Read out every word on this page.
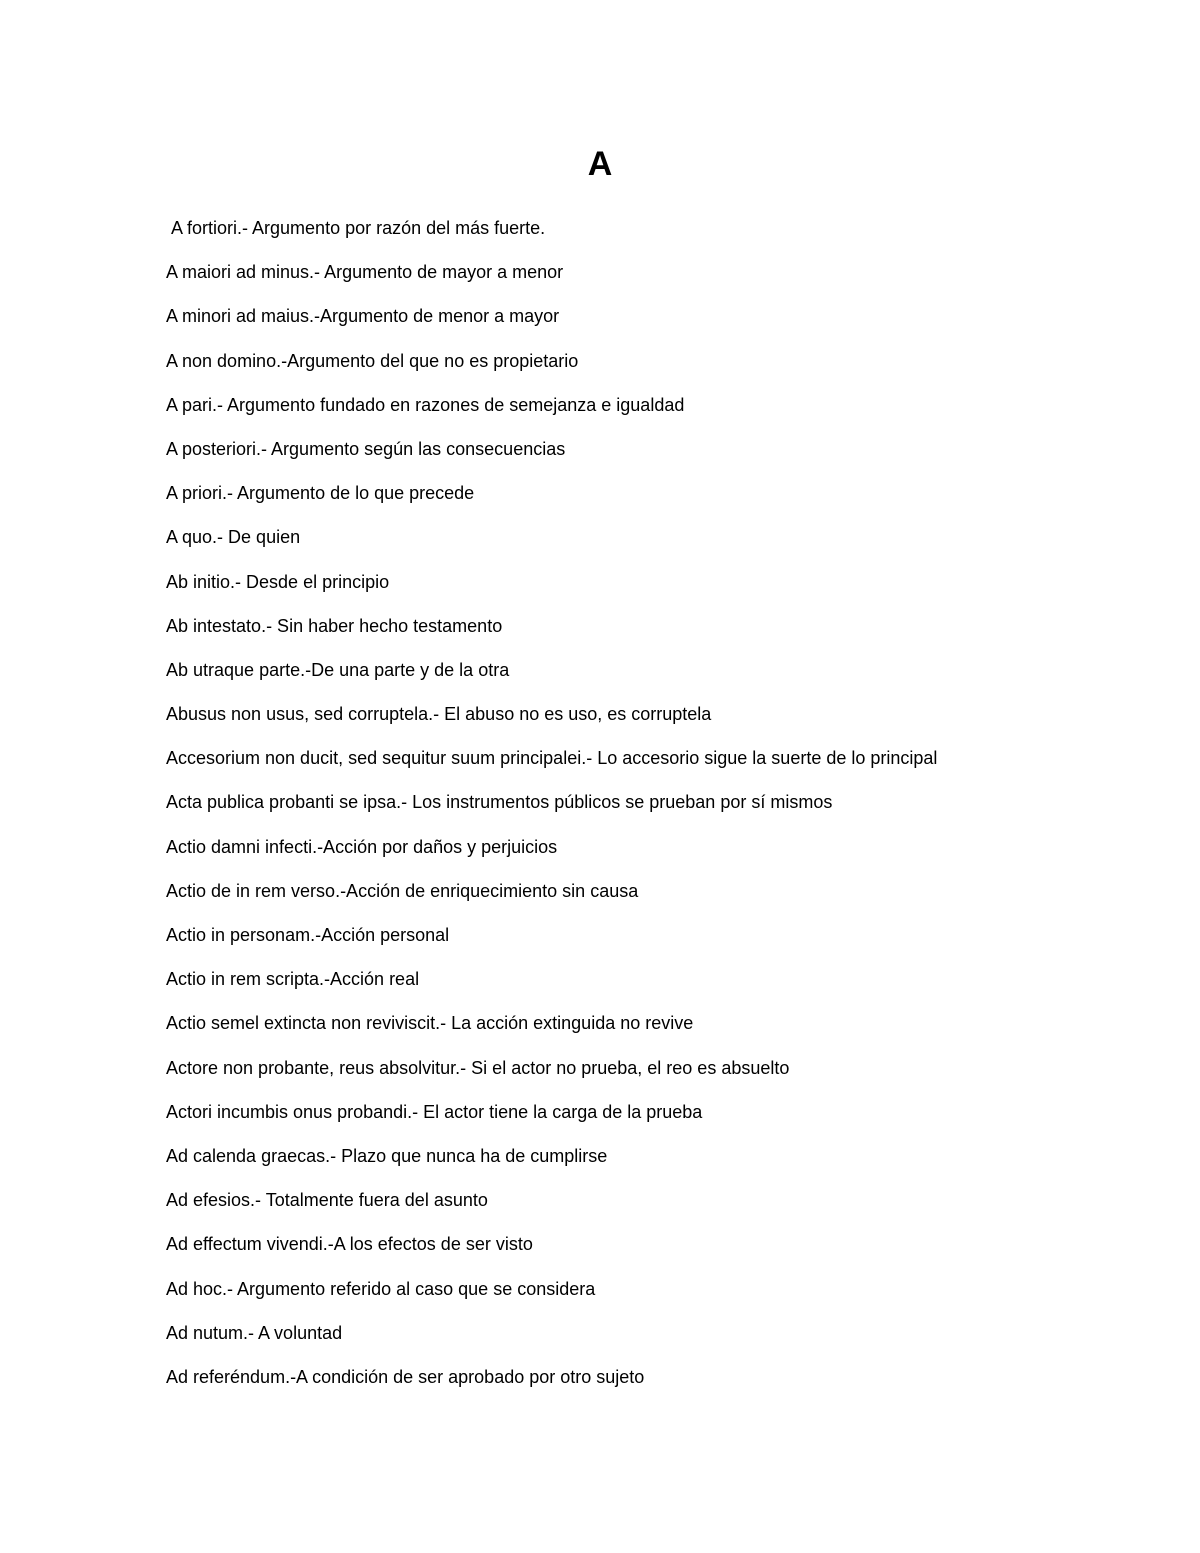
A
A fortiori.- Argumento por razón del más fuerte.
A maiori ad minus.- Argumento de mayor a menor
A minori ad maius.-Argumento de menor a mayor
A non domino.-Argumento del que no es propietario
A pari.- Argumento fundado en razones de semejanza e igualdad
A posteriori.- Argumento según las consecuencias
A priori.- Argumento de lo que precede
A quo.- De quien
Ab initio.- Desde el principio
Ab intestato.- Sin haber hecho testamento
Ab utraque parte.-De una parte y de la otra
Abusus non usus, sed corruptela.- El abuso no es uso, es corruptela
Accesorium non ducit, sed sequitur suum principalei.- Lo accesorio sigue la suerte de lo principal
Acta publica probanti se ipsa.- Los instrumentos públicos se prueban por sí mismos
Actio damni infecti.-Acción por daños y perjuicios
Actio de in rem verso.-Acción de enriquecimiento sin causa
Actio in personam.-Acción personal
Actio in rem scripta.-Acción real
Actio semel extincta non reviviscit.- La acción extinguida no revive
Actore non probante, reus absolvitur.- Si el actor no prueba, el reo es absuelto
Actori incumbis onus probandi.- El actor tiene la carga de la prueba
Ad calenda graecas.- Plazo que nunca ha de cumplirse
Ad efesios.- Totalmente fuera del asunto
Ad effectum vivendi.-A los efectos de ser visto
Ad hoc.- Argumento referido al caso que se considera
Ad nutum.- A voluntad
Ad referéndum.-A condición de ser aprobado por otro sujeto
